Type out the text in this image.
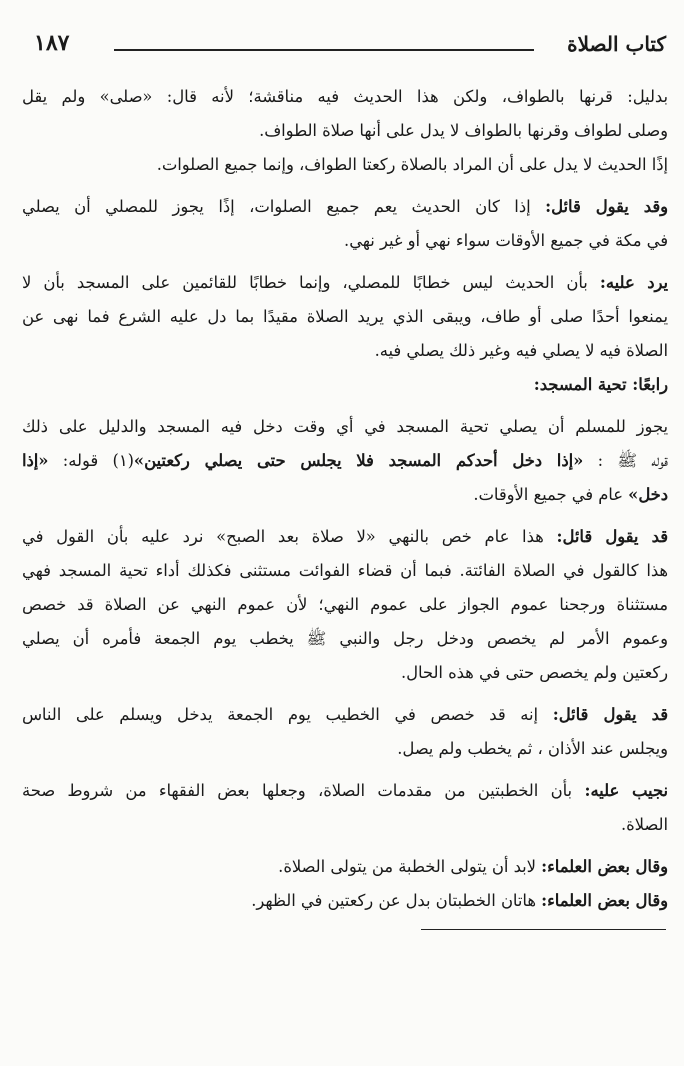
كتاب الصلاة
١٨٧
بدليل: قرنها بالطواف، ولكن هذا الحديث فيه مناقشة؛ لأنه قال: «صلى» ولم يقل
وصلى لطواف وقرنها بالطواف لا يدل على أنها صلاة الطواف.
إذًا الحديث لا يدل على أن المراد بالصلاة ركعتا الطواف، وإنما جميع الصلوات.
وقد يقول قائل: إذا كان الحديث يعم جميع الصلوات، إذًا يجوز للمصلي أن يصلي
في مكة في جميع الأوقات سواء نهي أو غير نهي.
يرد عليه: بأن الحديث ليس خطابًا للمصلي، وإنما خطابًا للقائمين على المسجد بأن لا
يمنعوا أحدًا صلى أو طاف، ويبقى الذي يريد الصلاة مقيدًا بما دل عليه الشرع فما نهى عن
الصلاة فيه لا يصلي فيه وغير ذلك يصلي فيه.
رابعًا: تحية المسجد:
يجوز للمسلم أن يصلي تحية المسجد في أي وقت دخل فيه المسجد والدليل على ذلك
قوله ﷺ : «إذا دخل أحدكم المسجد فلا يجلس حتى يصلي ركعتين»(١) قوله: «إذا
دخل» عام في جميع الأوقات.
قد يقول قائل: هذا عام خص بالنهي «لا صلاة بعد الصبح» نرد عليه بأن القول في
هذا كالقول في الصلاة الفائتة. فبما أن قضاء الفوائت مستثنى فكذلك أداء تحية المسجد فهي
مستثناة ورجحنا عموم الجواز على عموم النهي؛ لأن عموم النهي عن الصلاة قد خصص
وعموم الأمر لم يخصص ودخل رجل والنبي ﷺ يخطب يوم الجمعة فأمره أن يصلي
ركعتين ولم يخصص حتى في هذه الحال.
قد يقول قائل: إنه قد خصص في الخطيب يوم الجمعة يدخل ويسلم على الناس
ويجلس عند الأذان ، ثم يخطب ولم يصل.
نجيب عليه: بأن الخطبتين من مقدمات الصلاة، وجعلها بعض الفقهاء من شروط صحة
الصلاة.
وقال بعض العلماء: لابد أن يتولى الخطبة من يتولى الصلاة.
وقال بعض العلماء: هاتان الخطبتان بدل عن ركعتين في الظهر.
